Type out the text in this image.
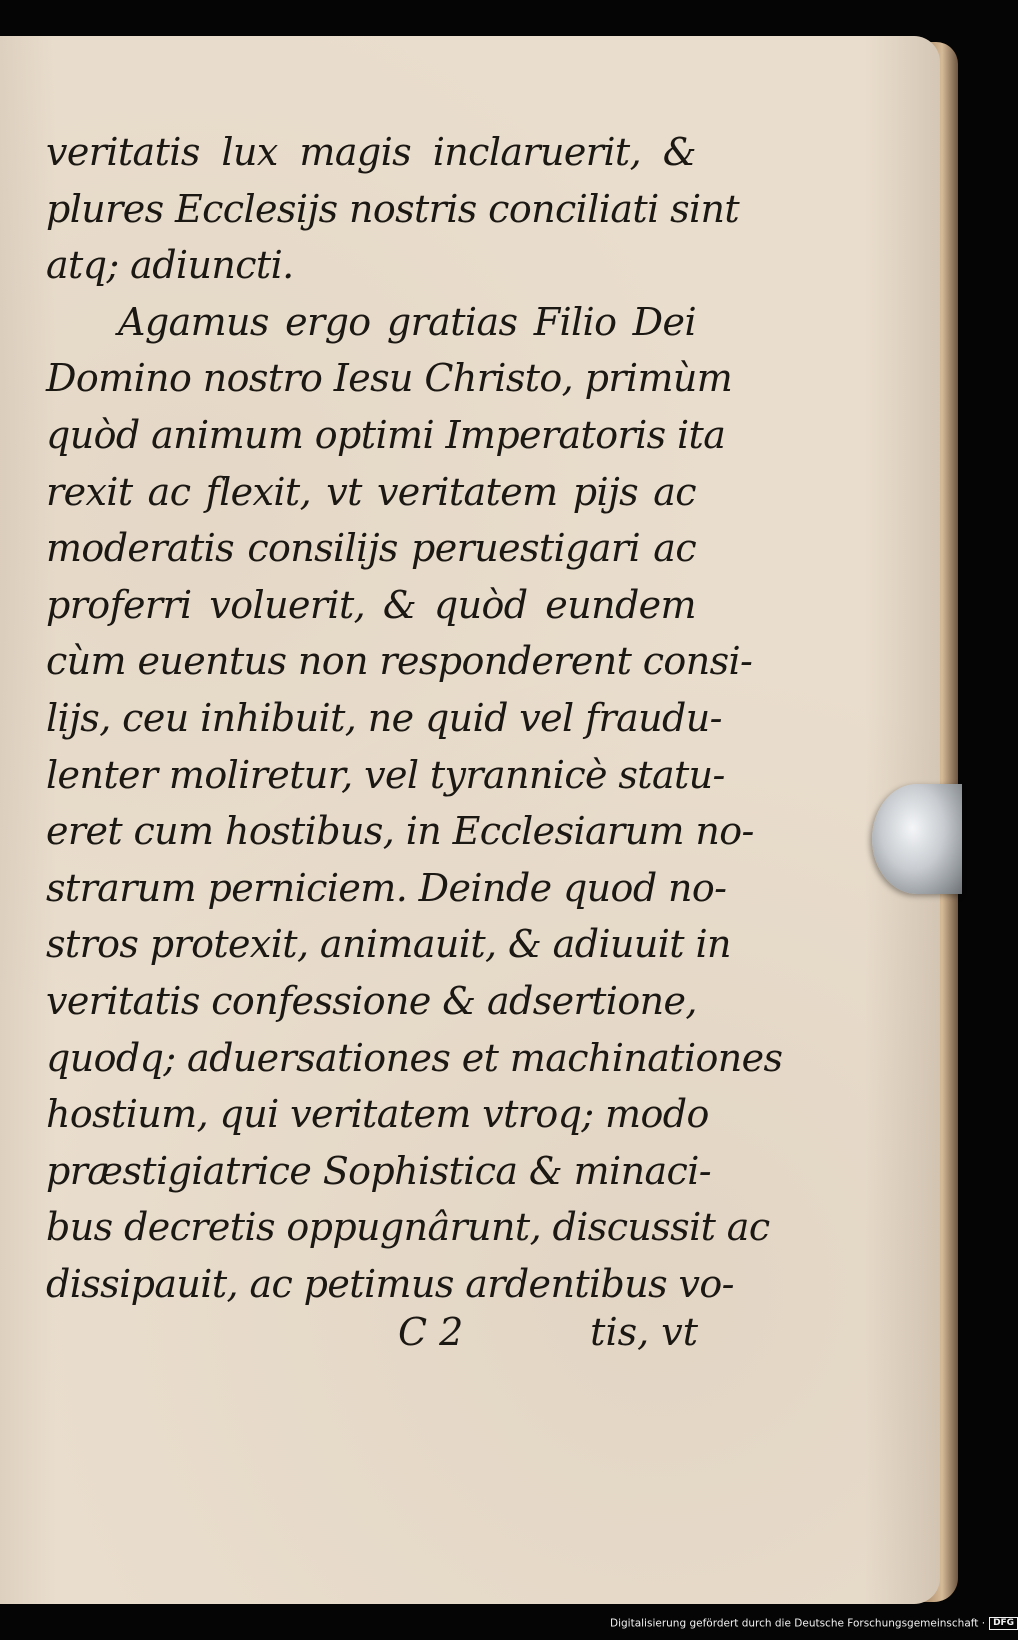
veritatis lux magis inclaruerit, &
plures Ecclesijs nostris conciliati sint
atq; adiuncti.
Agamus ergo gratias Filio Dei
Domino nostro Iesu Christo, primùm
quòd animum optimi Imperatoris ita
rexit ac flexit, vt veritatem pijs ac
moderatis consilijs peruestigari ac
proferri voluerit, & quòd eundem
cùm euentus non responderent consi-
lijs, ceu inhibuit, ne quid vel fraudu-
lenter moliretur, vel tyrannicè statu-
eret cum hostibus, in Ecclesiarum no-
strarum perniciem. Deinde quod no-
stros protexit, animauit, & adiuuit in
veritatis confessione & adsertione,
quodq; aduersationes et machinationes
hostium, qui veritatem vtroq; modo
præstigiatrice Sophistica & minaci-
bus decretis oppugnârunt, discussit ac
dissipauit, ac petimus ardentibus vo-
C 2	tis, vt
Digitalisierung gefördert durch die Deutsche Forschungsgemeinschaft · DFG
